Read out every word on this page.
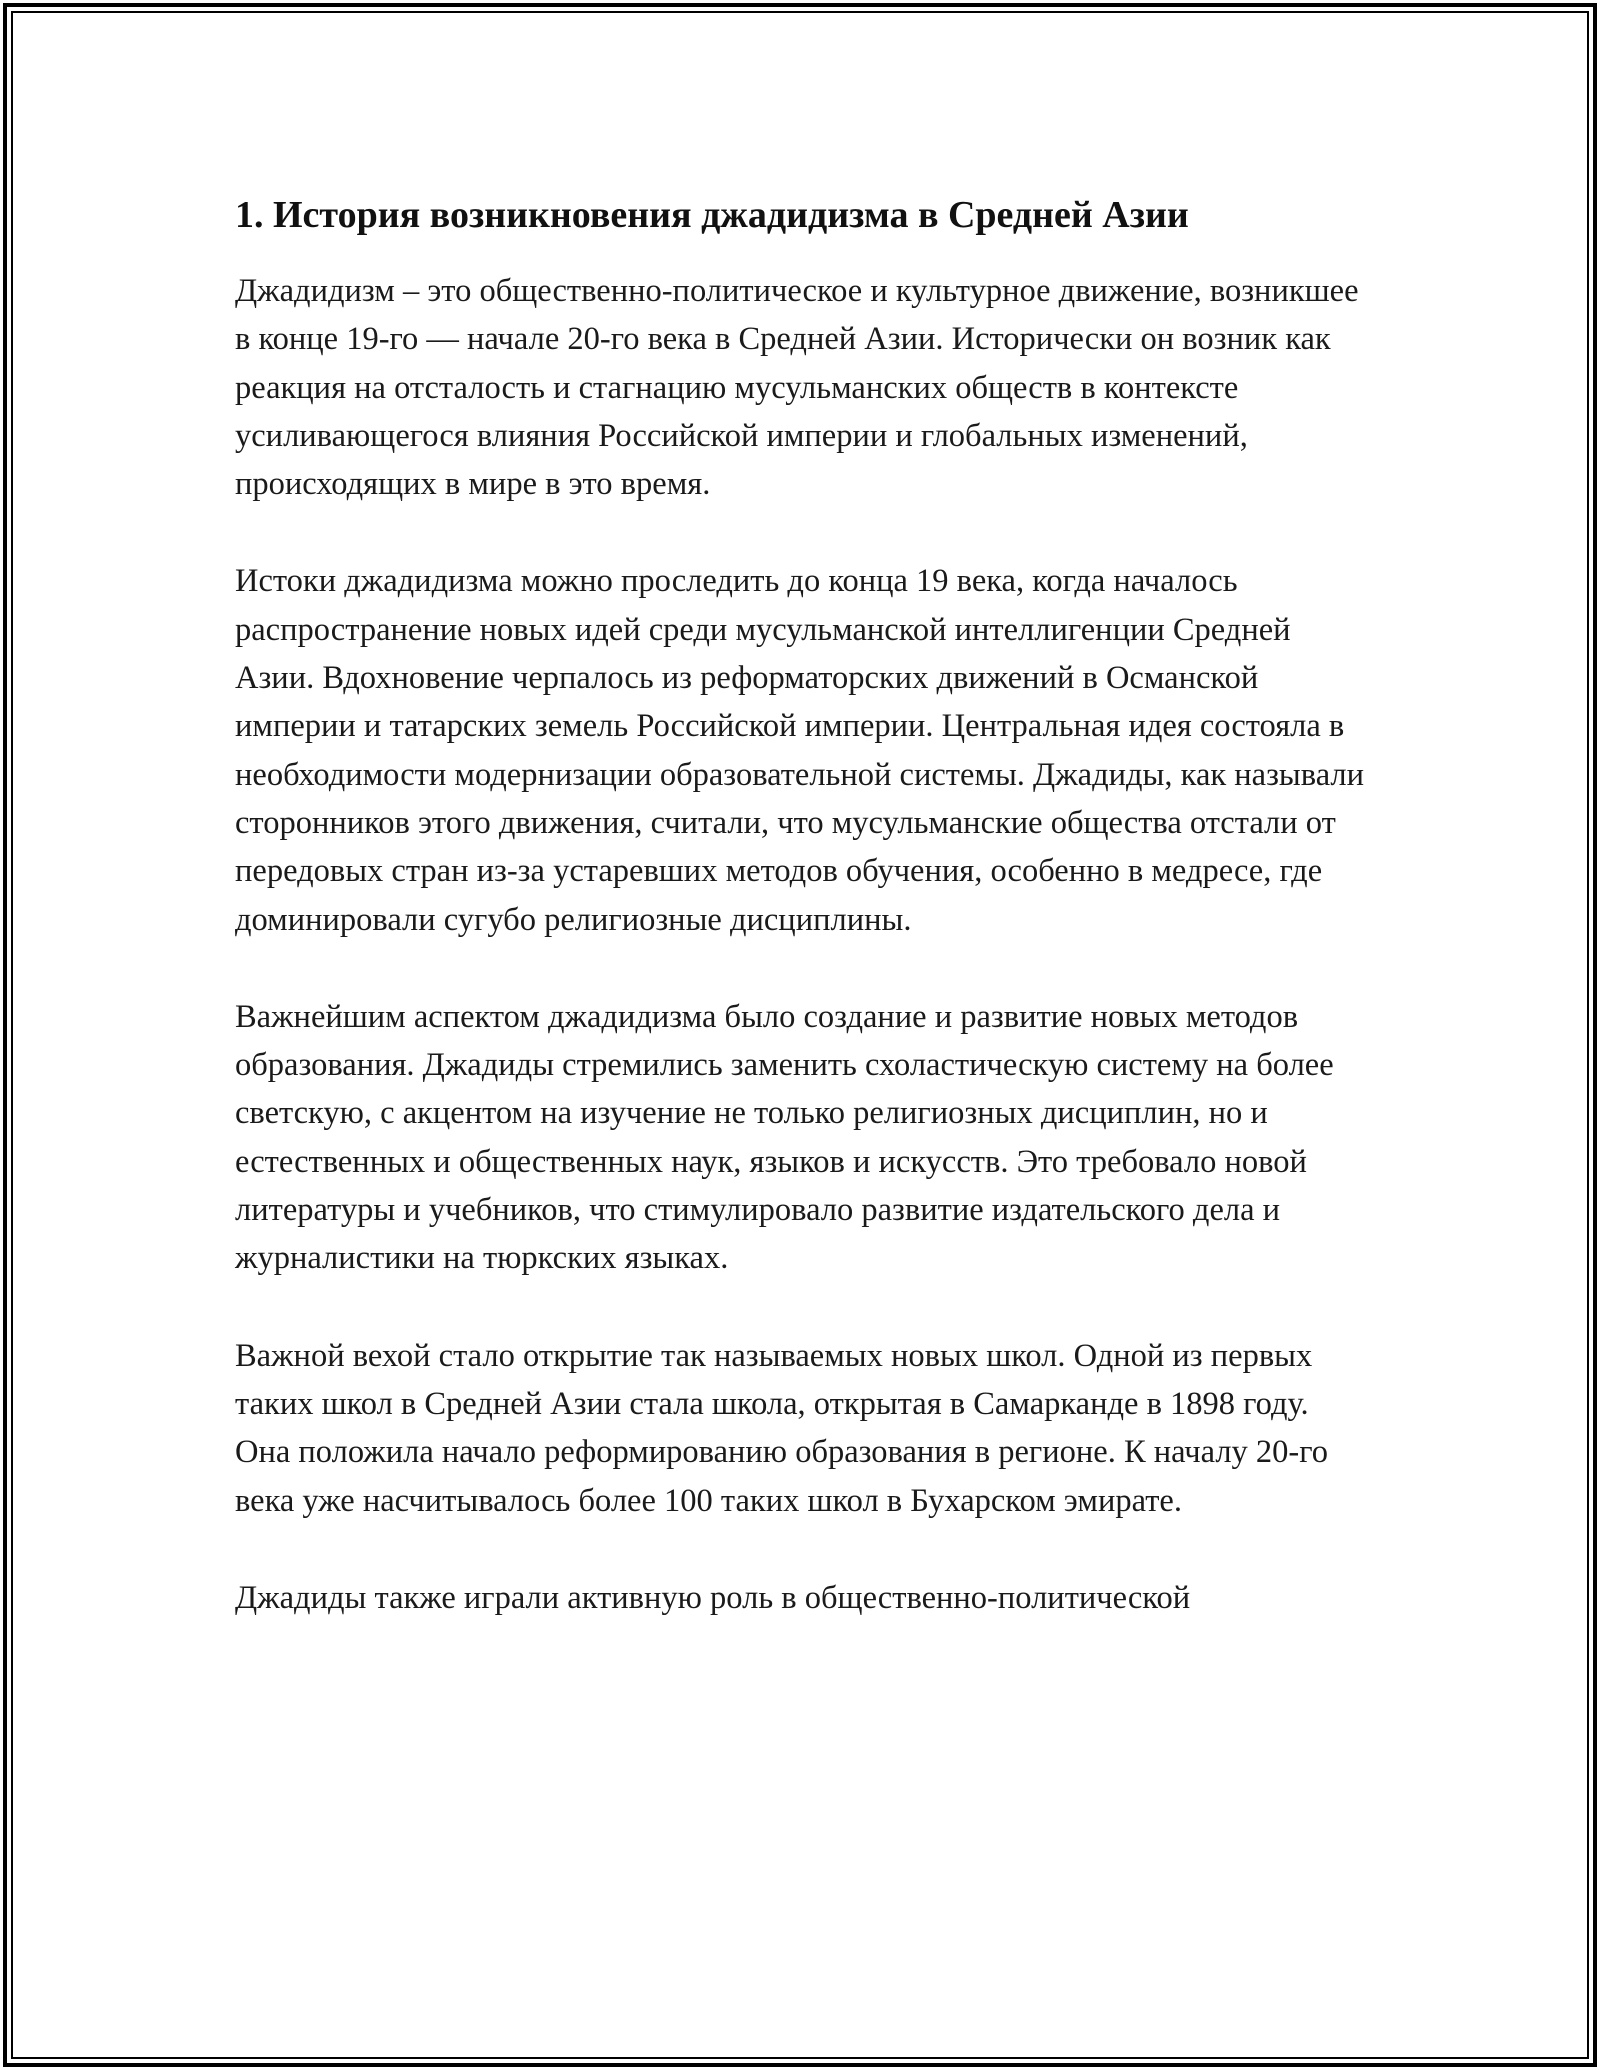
1. История возникновения джадидизма в Средней Азии

Джадидизм – это общественно-политическое и культурное движение, возникшее в конце 19-го — начале 20-го века в Средней Азии. Исторически он возник как реакция на отсталость и стагнацию мусульманских обществ в контексте усиливающегося влияния Российской империи и глобальных изменений, происходящих в мире в это время.

Истоки джадидизма можно проследить до конца 19 века, когда началось распространение новых идей среди мусульманской интеллигенции Средней Азии. Вдохновение черпалось из реформаторских движений в Османской империи и татарских земель Российской империи. Центральная идея состояла в необходимости модернизации образовательной системы. Джадиды, как называли сторонников этого движения, считали, что мусульманские общества отстали от передовых стран из-за устаревших методов обучения, особенно в медресе, где доминировали сугубо религиозные дисциплины.

Важнейшим аспектом джадидизма было создание и развитие новых методов образования. Джадиды стремились заменить схоластическую систему на более светскую, с акцентом на изучение не только религиозных дисциплин, но и естественных и общественных наук, языков и искусств. Это требовало новой литературы и учебников, что стимулировало развитие издательского дела и журналистики на тюркских языках.

Важной вехой стало открытие так называемых новых школ. Одной из первых таких школ в Средней Азии стала школа, открытая в Самарканде в 1898 году. Она положила начало реформированию образования в регионе. К началу 20-го века уже насчитывалось более 100 таких школ в Бухарском эмирате.

Джадиды также играли активную роль в общественно-политической
